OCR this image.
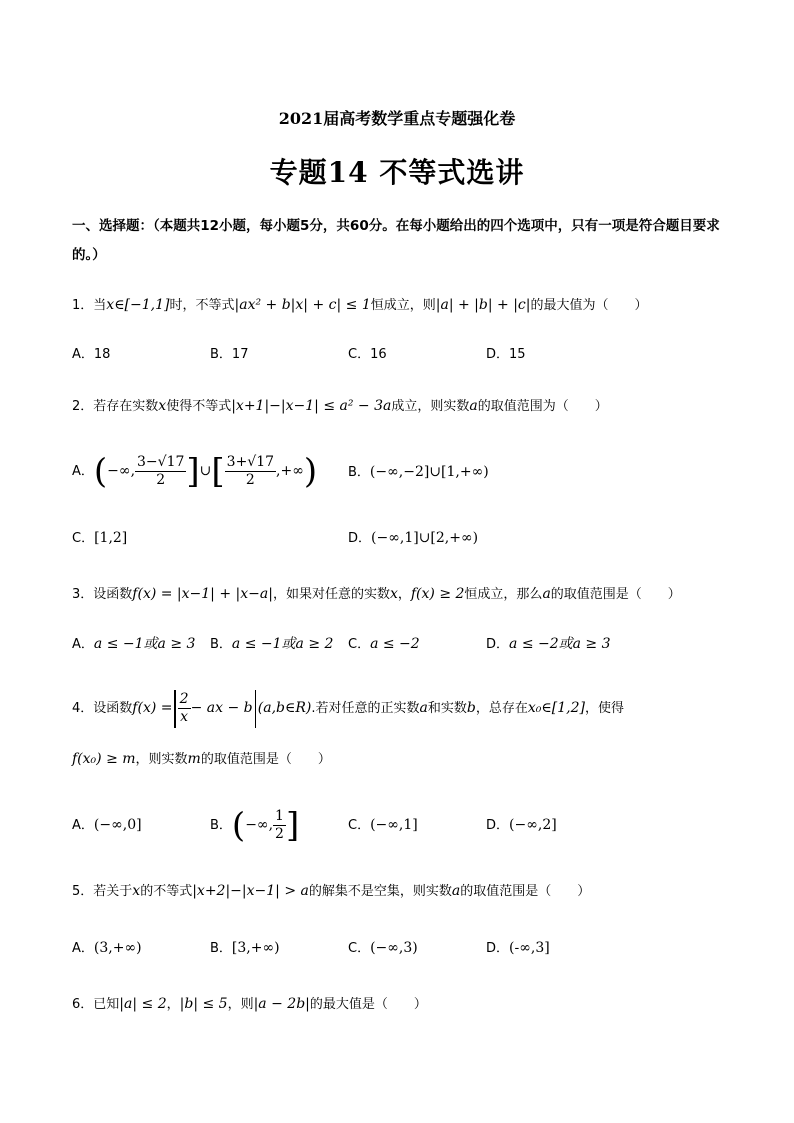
2021届高考数学重点专题强化卷
专题14 不等式选讲
一、选择题：（本题共12小题，每小题5分，共60分。在每小题给出的四个选项中，只有一项是符合题目要求的。）
1．当x∈[−1,1]时，不等式|ax² + b|x| + c| ≤ 1恒成立，则|a| + |b| + |c|的最大值为（　　）
A．18	B．17	C．16	D．15
2．若存在实数x使得不等式|x+1|−|x−1| ≤ a² − 3a成立，则实数a的取值范围为（　　）
A．(−∞, $\frac{3-√17}{2}$ ]∪[ $\frac{3+√17}{2}$ ,+∞) B．(−∞,−2]∪[1,+∞)
C．[1,2]	D．(−∞,1]∪[2,+∞)
3．设函数f(x) = |x−1| + |x−a|，如果对任意的实数x，f(x) ≥ 2恒成立，那么a的取值范围是（　　）
A．a ≤ −1或a ≥ 3 B．a ≤ −1或a ≥ 2 C．a ≤ −2	D．a ≤ −2或a ≥ 3
4．设函数$f(x) = \frac{2}{x}$ − ax − b (a,b∈R).若对任意的正实数a和实数b，总存在x₀∈[1,2]，使得
f(x₀) ≥ m，则实数m的取值范围是（　　）
A．(−∞,0]	B．(−∞, $\frac{1}{2}$ ]	C．(−∞,1]	D．(−∞,2]
5．若关于x的不等式|x+2|−|x−1| > a的解集不是空集，则实数a的取值范围是（　　）
A．(3,+∞)	B．[3,+∞)	C．(−∞,3)	D．(-∞,3]
6．已知|a| ≤ 2，|b| ≤ 5，则|a − 2b|的最大值是（　　）
